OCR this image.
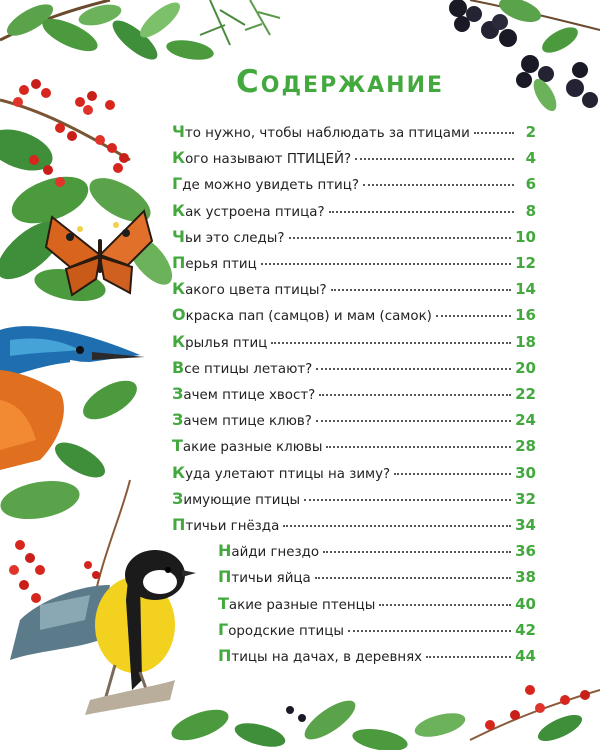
Содержание
Ч то нужно, чтобы наблюдать за птицами	2
К ого называют ПТИЦЕЙ?	4
Г де можно увидеть птиц?	6
К ак устроена птица?	8
Ч ьи это следы?	10
П ерья птиц	12
К акого цвета птицы?	14
О краска пап (самцов) и мам (самок)	16
К рылья птиц	18
В се птицы летают?	20
З ачем птице хвост?	22
З ачем птице клюв?	24
Т акие разные клювы	28
К уда улетают птицы на зиму?	30
З имующие птицы	32
П тичьи гнёзда	34
Н айди гнездо	36
П тичьи яйца	38
Т акие разные птенцы	40
Г ородские птицы	42
П тицы на дачах, в деревнях	44
